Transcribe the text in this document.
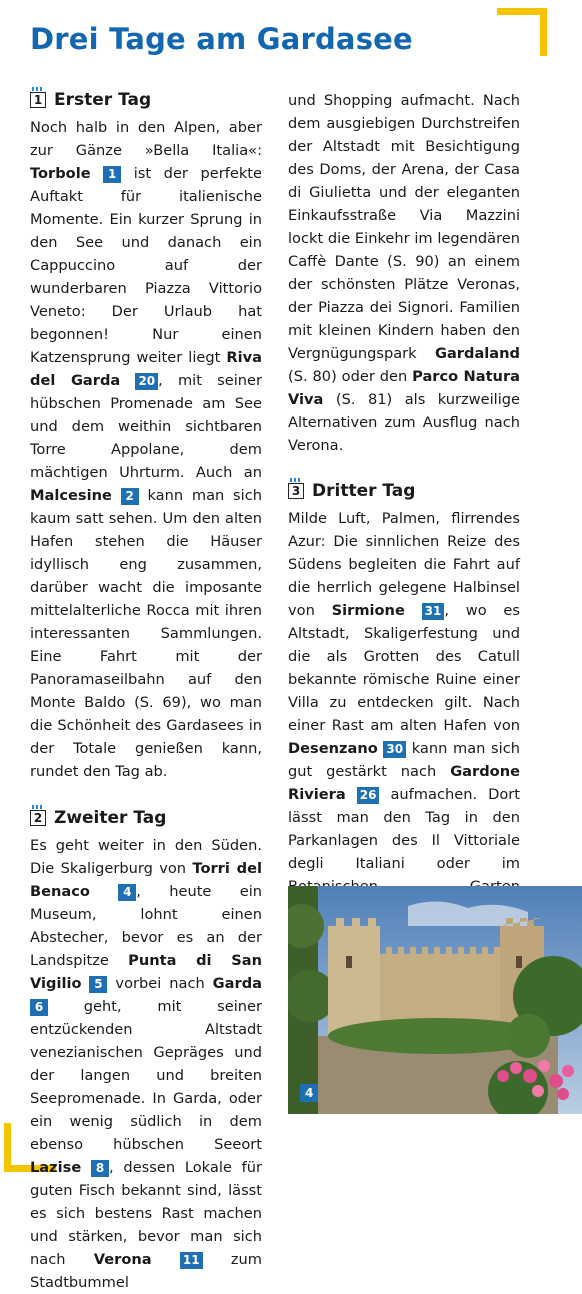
Drei Tage am Gardasee
1 Erster Tag

Noch halb in den Alpen, aber zur Gänze »Bella Italia«: Torbole 1 ist der perfekte Auftakt für italienische Momente. Ein kurzer Sprung in den See und danach ein Cappuccino auf der wunderbaren Piazza Vittorio Veneto: Der Urlaub hat begonnen! Nur einen Katzensprung weiter liegt Riva del Garda 20 , mit seiner hübschen Promenade am See und dem weithin sichtbaren Torre Appolane, dem mächtigen Uhrturm. Auch an Malcesine 2 kann man sich kaum satt sehen. Um den alten Hafen stehen die Häuser idyllisch eng zusammen, darüber wacht die imposante mittelalterliche Rocca mit ihren interessanten Sammlungen. Eine Fahrt mit der Panoramaseilbahn auf den Monte Baldo (S. 69), wo man die Schönheit des Gardasees in der Totale genießen kann, rundet den Tag ab.

2 Zweiter Tag

Es geht weiter in den Süden. Die Skaligerburg von Torri del Benaco	4 , heute ein Museum, lohnt einen Abstecher, bevor es an der Landspitze Punta di San Vigilio 5 vorbei nach Garda 6 geht, mit seiner entzückenden Altstadt venezianischen Gepräges und der langen und breiten Seepromenade. In Garda, oder ein wenig südlich in dem ebenso hübschen Seeort Lazise 8 , dessen Lokale für guten Fisch bekannt sind, lässt es sich bestens Rast machen und stärken, bevor man sich nach Verona	11 zum Stadtbummel

und Shopping aufmacht. Nach dem ausgiebigen Durchstreifen der Altstadt mit Besichtigung des Doms, der Arena, der Casa di Giulietta und der eleganten Einkaufsstraße Via Mazzini lockt die Einkehr im legendären Caffè Dante (S. 90) an einem der schönsten Plätze Veronas, der Piazza dei Signori. Familien mit kleinen Kindern haben den Vergnügungspark Gardaland (S. 80) oder den Parco Natura Viva (S. 81) als kurzweilige Alternativen zum Ausflug nach Verona.

3 Dritter Tag

Milde Luft, Palmen, flirrendes Azur: Die sinnlichen Reize des Südens begleiten die Fahrt auf die herrlich gelegene Halbinsel von Sirmione 31 , wo es Altstadt, Skaligerfestung und die als Grotten des Catull bekannte römische Ruine einer Villa zu entdecken gilt. Nach einer Rast am alten Hafen von Desenzano 30 kann man sich gut gestärkt nach Gardone Riviera 26 aufmachen. Dort lässt man den Tag in den Parkanlagen des Il Vittoriale degli Italiani oder im

4
